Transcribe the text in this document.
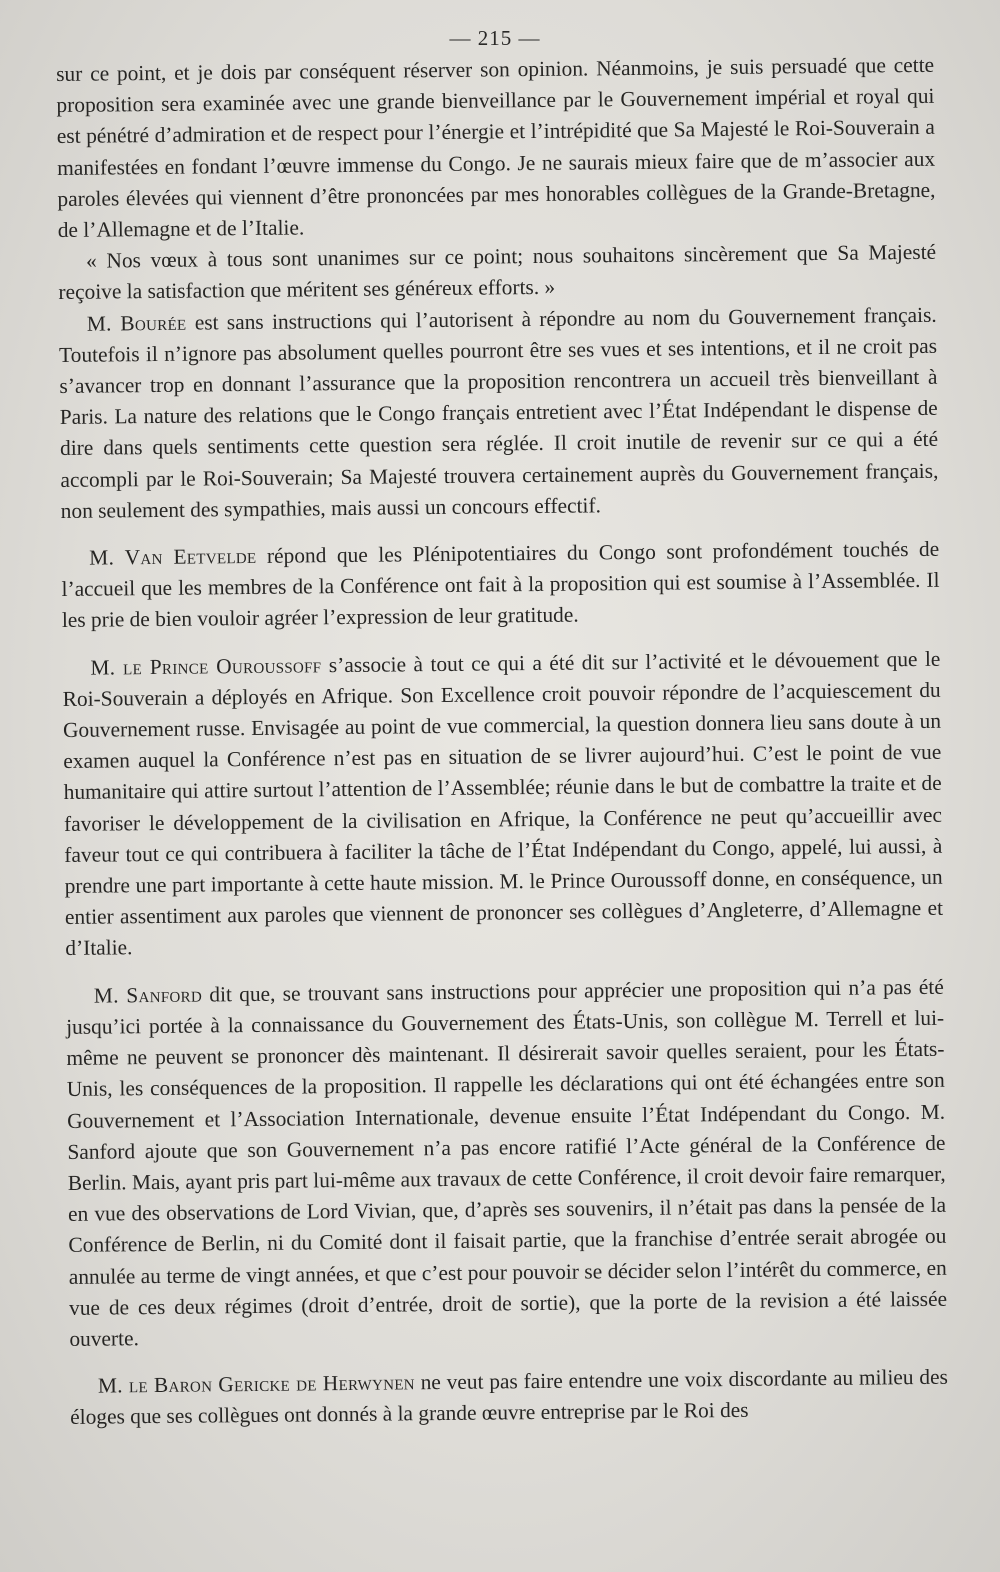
— 215 —

sur ce point, et je dois par conséquent réserver son opinion. Néanmoins, je suis persuadé que cette proposition sera examinée avec une grande bienveillance par le Gouvernement impérial et royal qui est pénétré d’admiration et de respect pour l’énergie et l’intrépidité que Sa Majesté le Roi-Souverain a manifestées en fondant l’œuvre immense du Congo. Je ne saurais mieux faire que de m’associer aux paroles élevées qui viennent d’être prononcées par mes honorables collègues de la Grande-Bretagne, de l’Allemagne et de l’Italie.

« Nos vœux à tous sont unanimes sur ce point; nous souhaitons sincèrement que Sa Majesté reçoive la satisfaction que méritent ses généreux efforts. »

M. Bourée est sans instructions qui l’autorisent à répondre au nom du Gouvernement français. Toutefois il n’ignore pas absolument quelles pourront être ses vues et ses intentions, et il ne croit pas s’avancer trop en donnant l’assurance que la proposition rencontrera un accueil très bienveillant à Paris. La nature des relations que le Congo français entretient avec l’État Indépendant le dispense de dire dans quels sentiments cette question sera réglée. Il croit inutile de revenir sur ce qui a été accompli par le Roi-Souverain; Sa Majesté trouvera certainement auprès du Gouvernement français, non seulement des sympathies, mais aussi un concours effectif.

M. Van Eetvelde répond que les Plénipotentiaires du Congo sont profondément touchés de l’accueil que les membres de la Conférence ont fait à la proposition qui est soumise à l’Assemblée. Il les prie de bien vouloir agréer l’expression de leur gratitude.

M. le Prince Ouroussoff s’associe à tout ce qui a été dit sur l’activité et le dévouement que le Roi-Souverain a déployés en Afrique. Son Excellence croit pouvoir répondre de l’acquiescement du Gouvernement russe. Envisagée au point de vue commercial, la question donnera lieu sans doute à un examen auquel la Conférence n’est pas en situation de se livrer aujourd’hui. C’est le point de vue humanitaire qui attire surtout l’attention de l’Assemblée; réunie dans le but de combattre la traite et de favoriser le développement de la civilisation en Afrique, la Conférence ne peut qu’accueillir avec faveur tout ce qui contribuera à faciliter la tâche de l’État Indépendant du Congo, appelé, lui aussi, à prendre une part importante à cette haute mission. M. le Prince Ouroussoff donne, en conséquence, un entier assentiment aux paroles que viennent de prononcer ses collègues d’Angleterre, d’Allemagne et d’Italie.

M. Sanford dit que, se trouvant sans instructions pour apprécier une proposition qui n’a pas été jusqu’ici portée à la connaissance du Gouvernement des États-Unis, son collègue M. Terrell et lui-même ne peuvent se prononcer dès maintenant. Il désirerait savoir quelles seraient, pour les États-Unis, les conséquences de la proposition. Il rappelle les déclarations qui ont été échangées entre son Gouvernement et l’Association Internationale, devenue ensuite l’État Indépendant du Congo. M. Sanford ajoute que son Gouvernement n’a pas encore ratifié l’Acte général de la Conférence de Berlin. Mais, ayant pris part lui-même aux travaux de cette Conférence, il croit devoir faire remarquer, en vue des observations de Lord Vivian, que, d’après ses souvenirs, il n’était pas dans la pensée de la Conférence de Berlin, ni du Comité dont il faisait partie, que la franchise d’entrée serait abrogée ou annulée au terme de vingt années, et que c’est pour pouvoir se décider selon l’intérêt du commerce, en vue de ces deux régimes (droit d’entrée, droit de sortie), que la porte de la revision a été laissée ouverte.

M. le Baron Gericke de Herwynen ne veut pas faire entendre une voix discordante au milieu des éloges que ses collègues ont donnés à la grande œuvre entreprise par le Roi des
